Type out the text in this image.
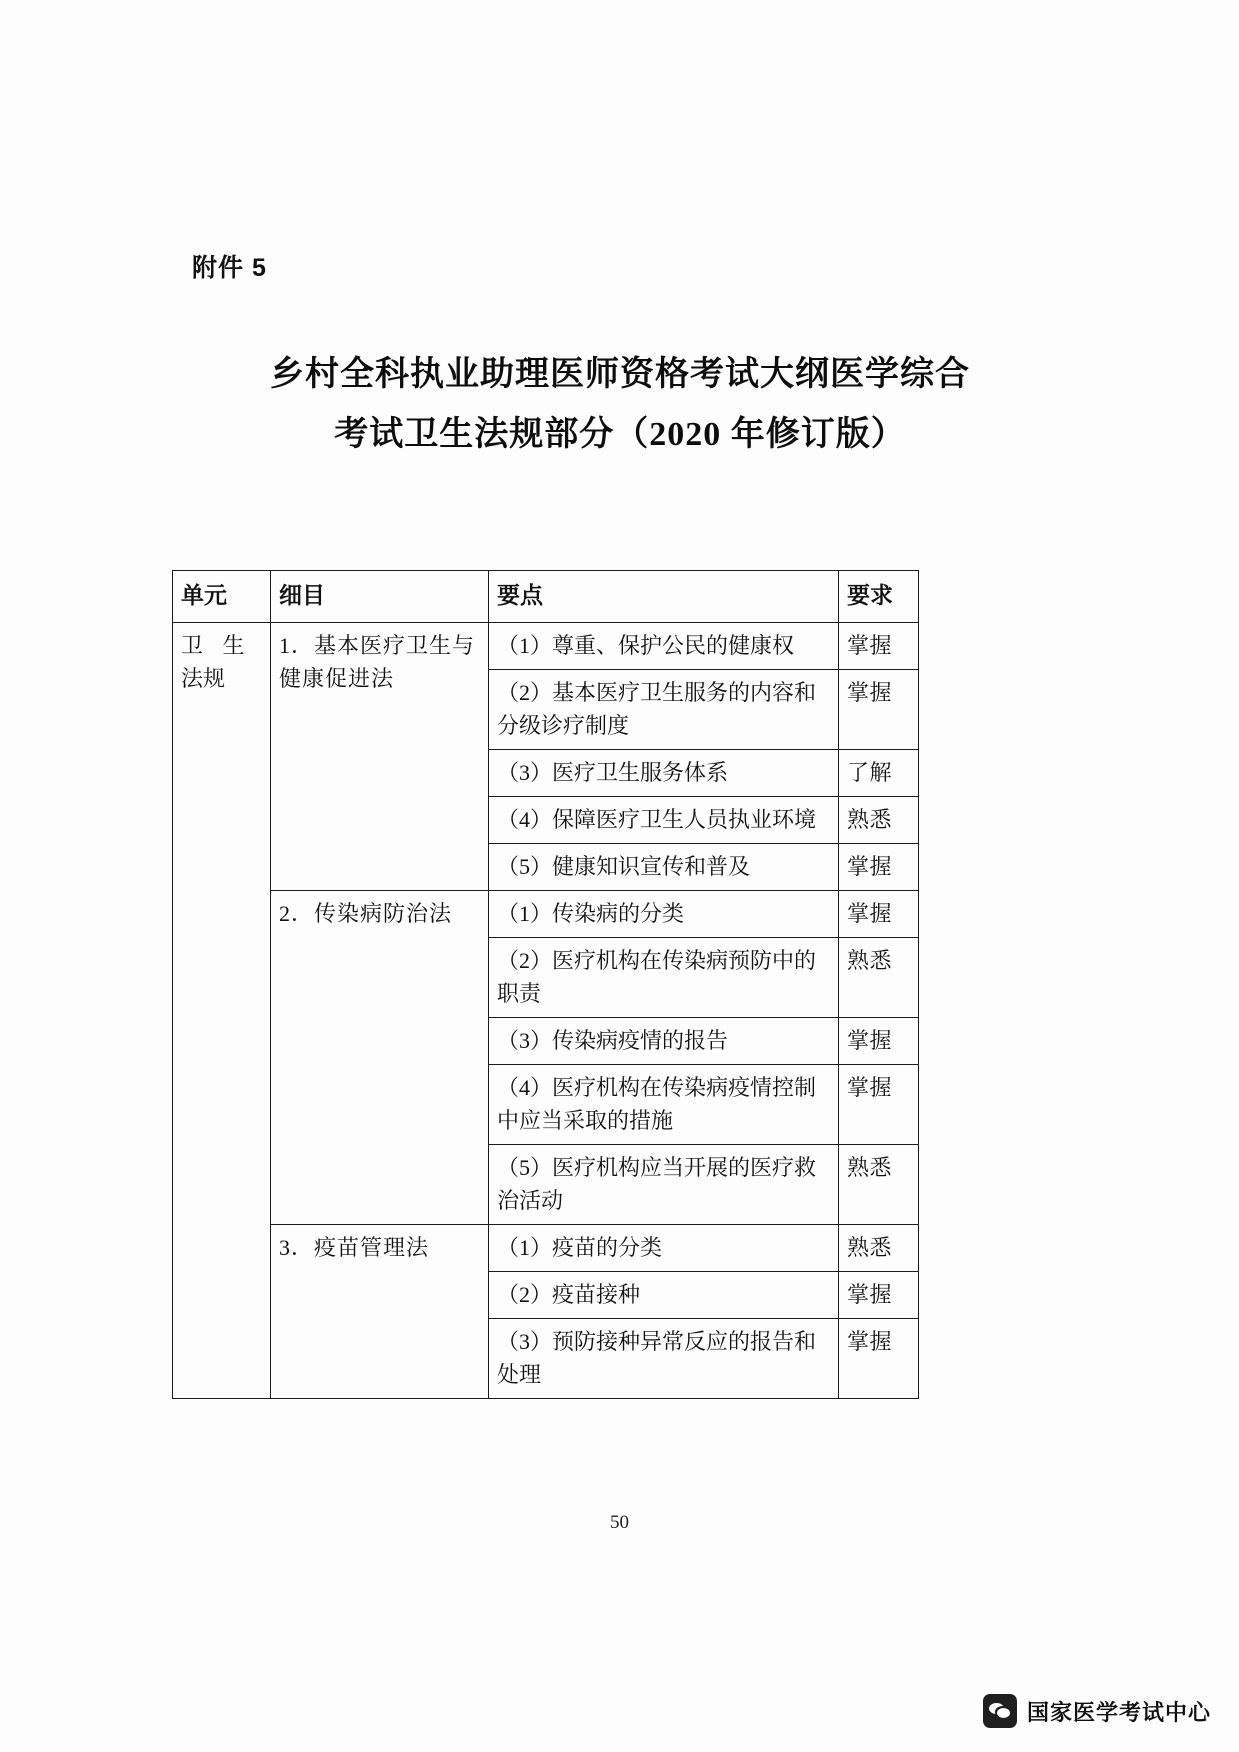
附件 5
乡村全科执业助理医师资格考试大纲医学综合
考试卫生法规部分（2020 年修订版）
单元	细目	要点	要求
卫 生 法规	1．基本医疗卫生与健康促进法	（1）尊重、保护公民的健康权	掌握
		（2）基本医疗卫生服务的内容和分级诊疗制度	掌握
		（3）医疗卫生服务体系	了解
		（4）保障医疗卫生人员执业环境	熟悉
		（5）健康知识宣传和普及	掌握
	2．传染病防治法	（1）传染病的分类	掌握
		（2）医疗机构在传染病预防中的职责	熟悉
		（3）传染病疫情的报告	掌握
		（4）医疗机构在传染病疫情控制中应当采取的措施	掌握
		（5）医疗机构应当开展的医疗救治活动	熟悉
	3．疫苗管理法	（1）疫苗的分类	熟悉
		（2）疫苗接种	掌握
		（3）预防接种异常反应的报告和处理	掌握
50
国家医学考试中心
